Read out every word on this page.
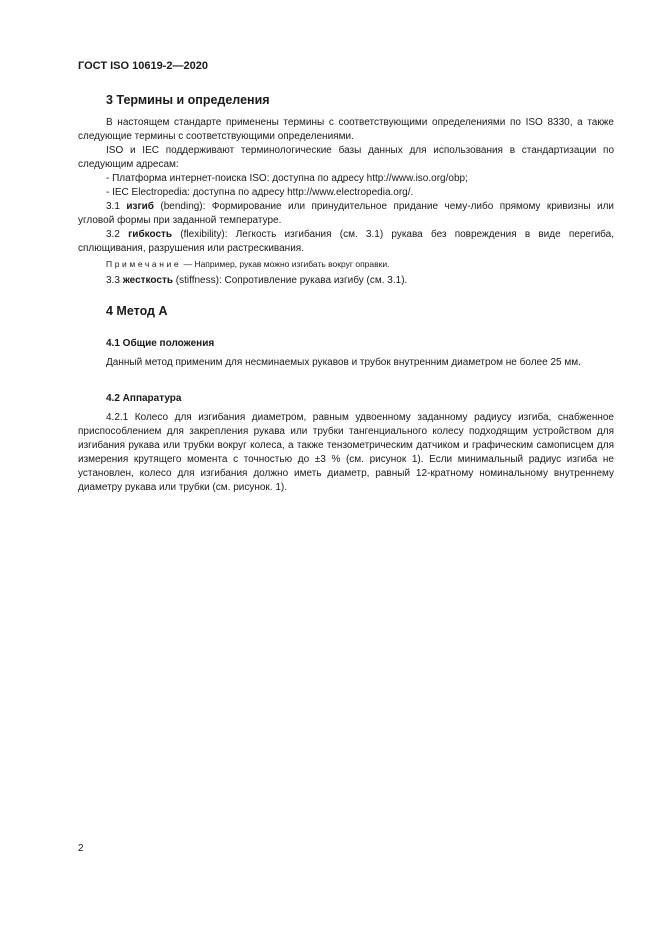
ГОСТ ISO 10619-2—2020
3 Термины и определения
В настоящем стандарте применены термины с соответствующими определениями по ISO 8330, а также следующие термины с соответствующими определениями.
ISO и IEC поддерживают терминологические базы данных для использования в стандартизации по следующим адресам:
- Платформа интернет-поиска ISO: доступна по адресу http://www.iso.org/obp;
- IEC Electropedia: доступна по адресу http://www.electropedia.org/.
3.1 изгиб (bending): Формирование или принудительное придание чему-либо прямому кривизны или угловой формы при заданной температуре.
3.2 гибкость (flexibility): Легкость изгибания (см. 3.1) рукава без повреждения в виде перегиба, сплющивания, разрушения или растрескивания.
Примечание — Например, рукав можно изгибать вокруг оправки.
3.3 жесткость (stiffness): Сопротивление рукава изгибу (см. 3.1).
4 Метод А
4.1 Общие положения
Данный метод применим для несминаемых рукавов и трубок внутренним диаметром не более 25 мм.
4.2 Аппаратура
4.2.1 Колесо для изгибания диаметром, равным удвоенному заданному радиусу изгиба, снабженное приспособлением для закрепления рукава или трубки тангенциального колесу подходящим устройством для изгибания рукава или трубки вокруг колеса, а также тензометрическим датчиком и графическим самописцем для измерения крутящего момента с точностью до ±3 % (см. рисунок 1). Если минимальный радиус изгиба не установлен, колесо для изгибания должно иметь диаметр, равный 12-кратному номинальному внутреннему диаметру рукава или трубки (см. рисунок. 1).
2
